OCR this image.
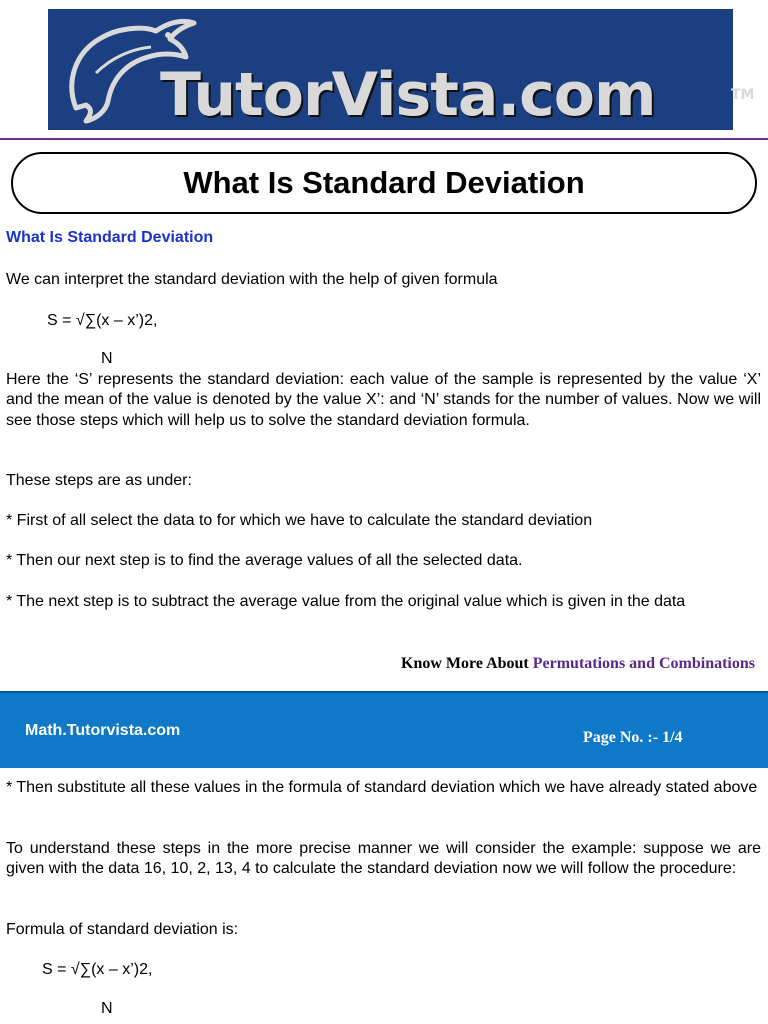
TutorVista.com	TM
What Is Standard Deviation

What Is Standard Deviation

We can interpret the standard deviation with the help of given formula

S = √∑(x – x’)2,
N

Here the ‘S’ represents the standard deviation: each value of the sample is represented by the value ‘X’ and the mean of the value is denoted by the value X’: and ‘N’ stands for the number of values. Now we will see those steps which will help us to solve the standard deviation formula.

These steps are as under:

* First of all select the data to for which we have to calculate the standard deviation

* Then our next step is to find the average values of all the selected data.

* The next step is to subtract the average value from the original value which is given in the data

Know More About Permutations and Combinations
Math.Tutorvista.com	Page No. :- 1/4

* Then substitute all these values in the formula of standard deviation which we have already stated above

To understand these steps in the more precise manner we will consider the example: suppose we are given with the data 16, 10, 2, 13, 4 to calculate the standard deviation now we will follow the procedure:

Formula of standard deviation is:

S = √∑(x – x’)2,
N
